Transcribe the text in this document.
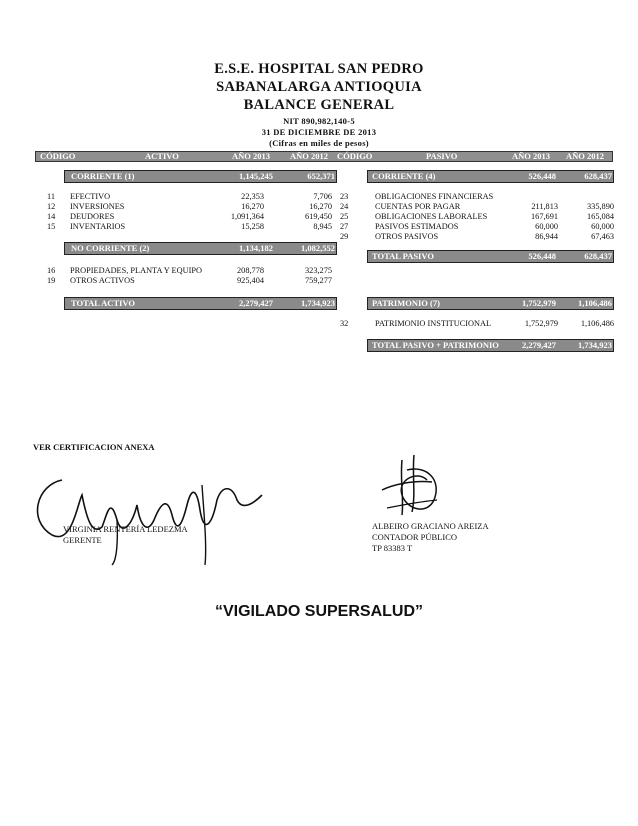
E.S.E. HOSPITAL SAN PEDRO
SABANALARGA ANTIOQUIA
BALANCE GENERAL
NIT 890,982,140-5
31 DE DICIEMBRE DE 2013
(Cifras en miles de pesos)
CÓDIGO	ACTIVO	AÑO 2013 AÑO 2012 CÓDIGO	PASIVO	AÑO 2013 AÑO 2012
CORRIENTE (1)	1,145,245	652,371
11 EFECTIVO	22,353	7,706
12 INVERSIONES	16,270	16,270
14 DEUDORES	1,091,364	619,450
15 INVENTARIOS	15,258	8,945
NO CORRIENTE (2)	1,134,182	1,082,552
16 PROPIEDADES, PLANTA Y EQUIPO	208,778	323,275
19 OTROS ACTIVOS	925,404	759,277
TOTAL ACTIVO	2,279,427	1,734,923
CORRIENTE (4)	526,448	628,437
23	OBLIGACIONES FINANCIERAS
24	CUENTAS POR PAGAR	211,813	335,890
25	OBLIGACIONES LABORALES	167,691	165,084
27	PASIVOS ESTIMADOS	60,000	60,000
29	OTROS PASIVOS	86,944	67,463
TOTAL PASIVO	526,448	628,437
PATRIMONIO (7)	1,752,979	1,106,486
32	PATRIMONIO INSTITUCIONAL	1,752,979	1,106,486
TOTAL PASIVO + PATRIMONIO	2,279,427	1,734,923
VER CERTIFICACION ANEXA
VIRGINIA RENTERÍA LEDEZMA
GERENTE
ALBEIRO GRACIANO AREIZA
CONTADOR PÚBLICO
TP 83383 T
“VIGILADO SUPERSALUD”
